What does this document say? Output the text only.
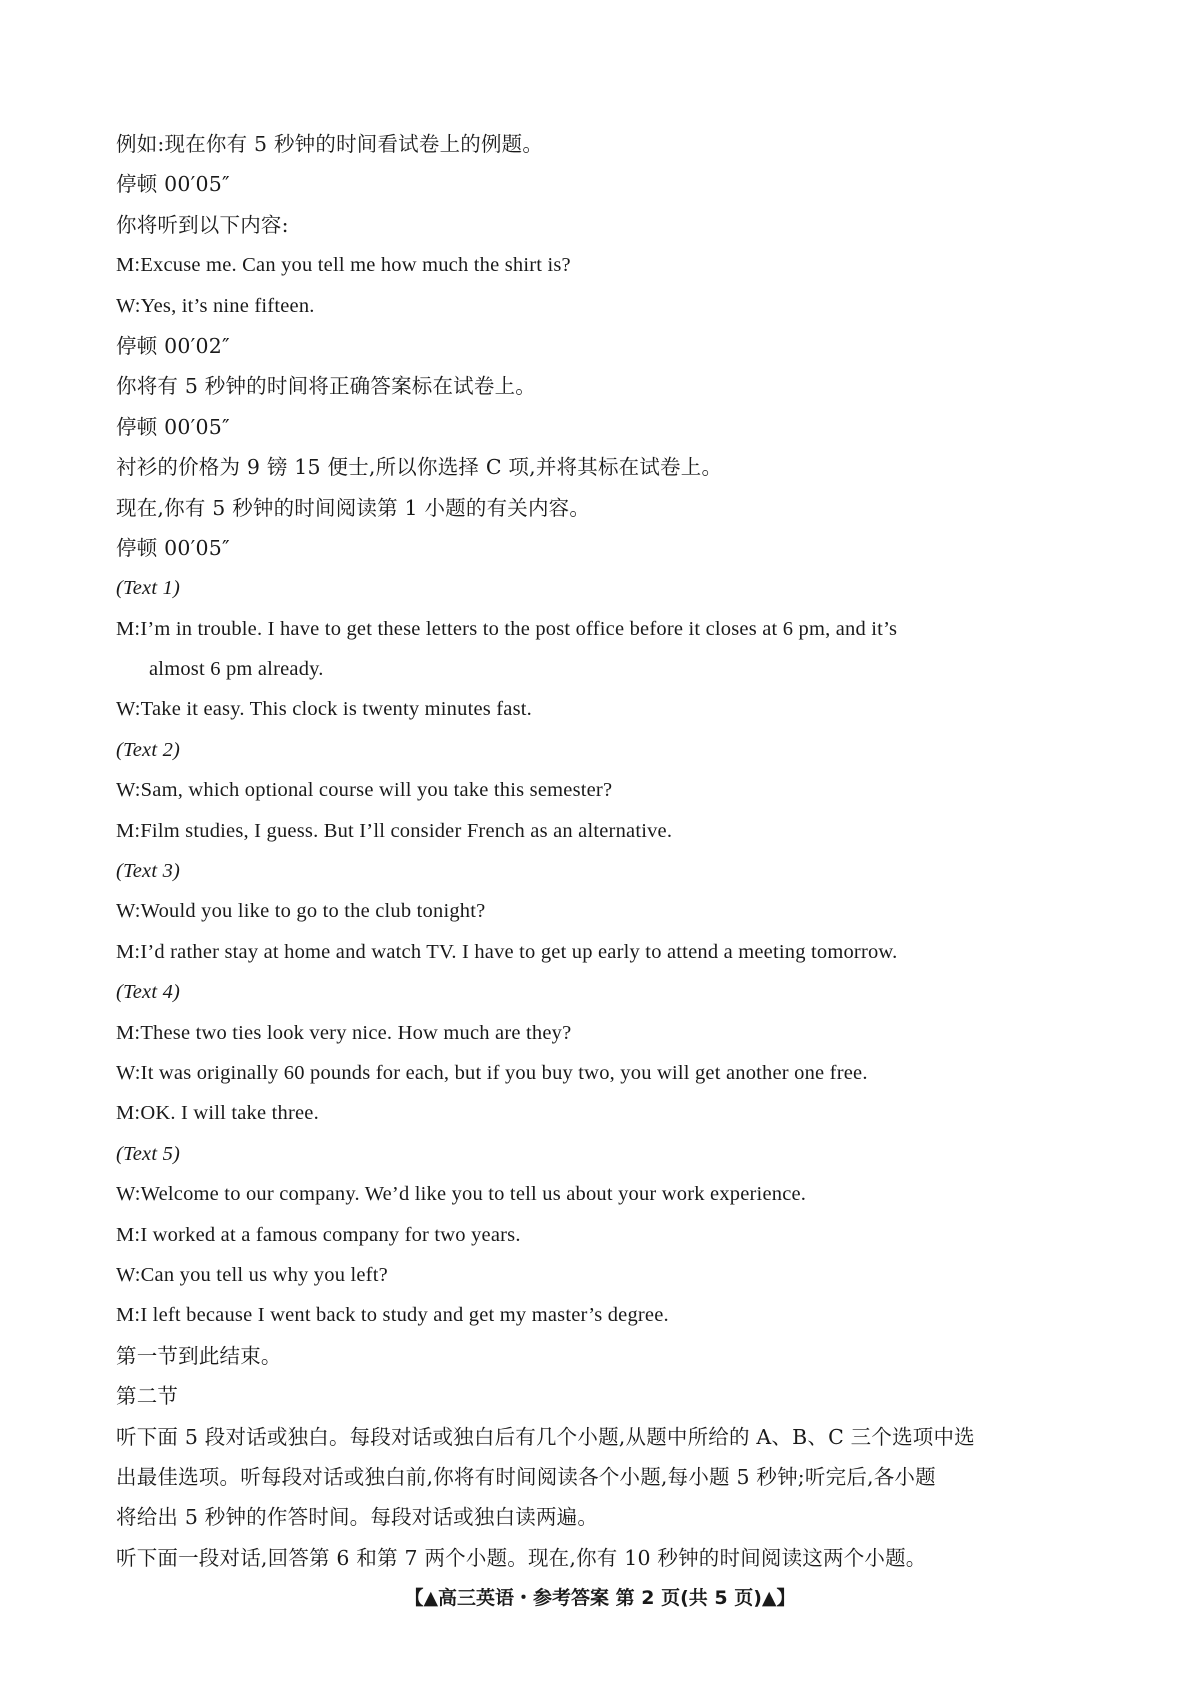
例如:现在你有 5 秒钟的时间看试卷上的例题。
停顿 00′05″
你将听到以下内容:
M:Excuse me. Can you tell me how much the shirt is?
W:Yes, it’s nine fifteen.
停顿 00′02″
你将有 5 秒钟的时间将正确答案标在试卷上。
停顿 00′05″
衬衫的价格为 9 镑 15 便士,所以你选择 C 项,并将其标在试卷上。
现在,你有 5 秒钟的时间阅读第 1 小题的有关内容。
停顿 00′05″
(Text 1)
M:I’m in trouble. I have to get these letters to the post office before it closes at 6 pm, and it’s
almost 6 pm already.
W:Take it easy. This clock is twenty minutes fast.
(Text 2)
W:Sam, which optional course will you take this semester?
M:Film studies, I guess. But I’ll consider French as an alternative.
(Text 3)
W:Would you like to go to the club tonight?
M:I’d rather stay at home and watch TV. I have to get up early to attend a meeting tomorrow.
(Text 4)
M:These two ties look very nice. How much are they?
W:It was originally 60 pounds for each, but if you buy two, you will get another one free.
M:OK. I will take three.
(Text 5)
W:Welcome to our company. We’d like you to tell us about your work experience.
M:I worked at a famous company for two years.
W:Can you tell us why you left?
M:I left because I went back to study and get my master’s degree.
第一节到此结束。
第二节
听下面 5 段对话或独白。每段对话或独白后有几个小题,从题中所给的 A、B、C 三个选项中选
出最佳选项。听每段对话或独白前,你将有时间阅读各个小题,每小题 5 秒钟;听完后,各小题
将给出 5 秒钟的作答时间。每段对话或独白读两遍。
听下面一段对话,回答第 6 和第 7 两个小题。现在,你有 10 秒钟的时间阅读这两个小题。
【▲高三英语・参考答案 第 2 页(共 5 页)▲】
